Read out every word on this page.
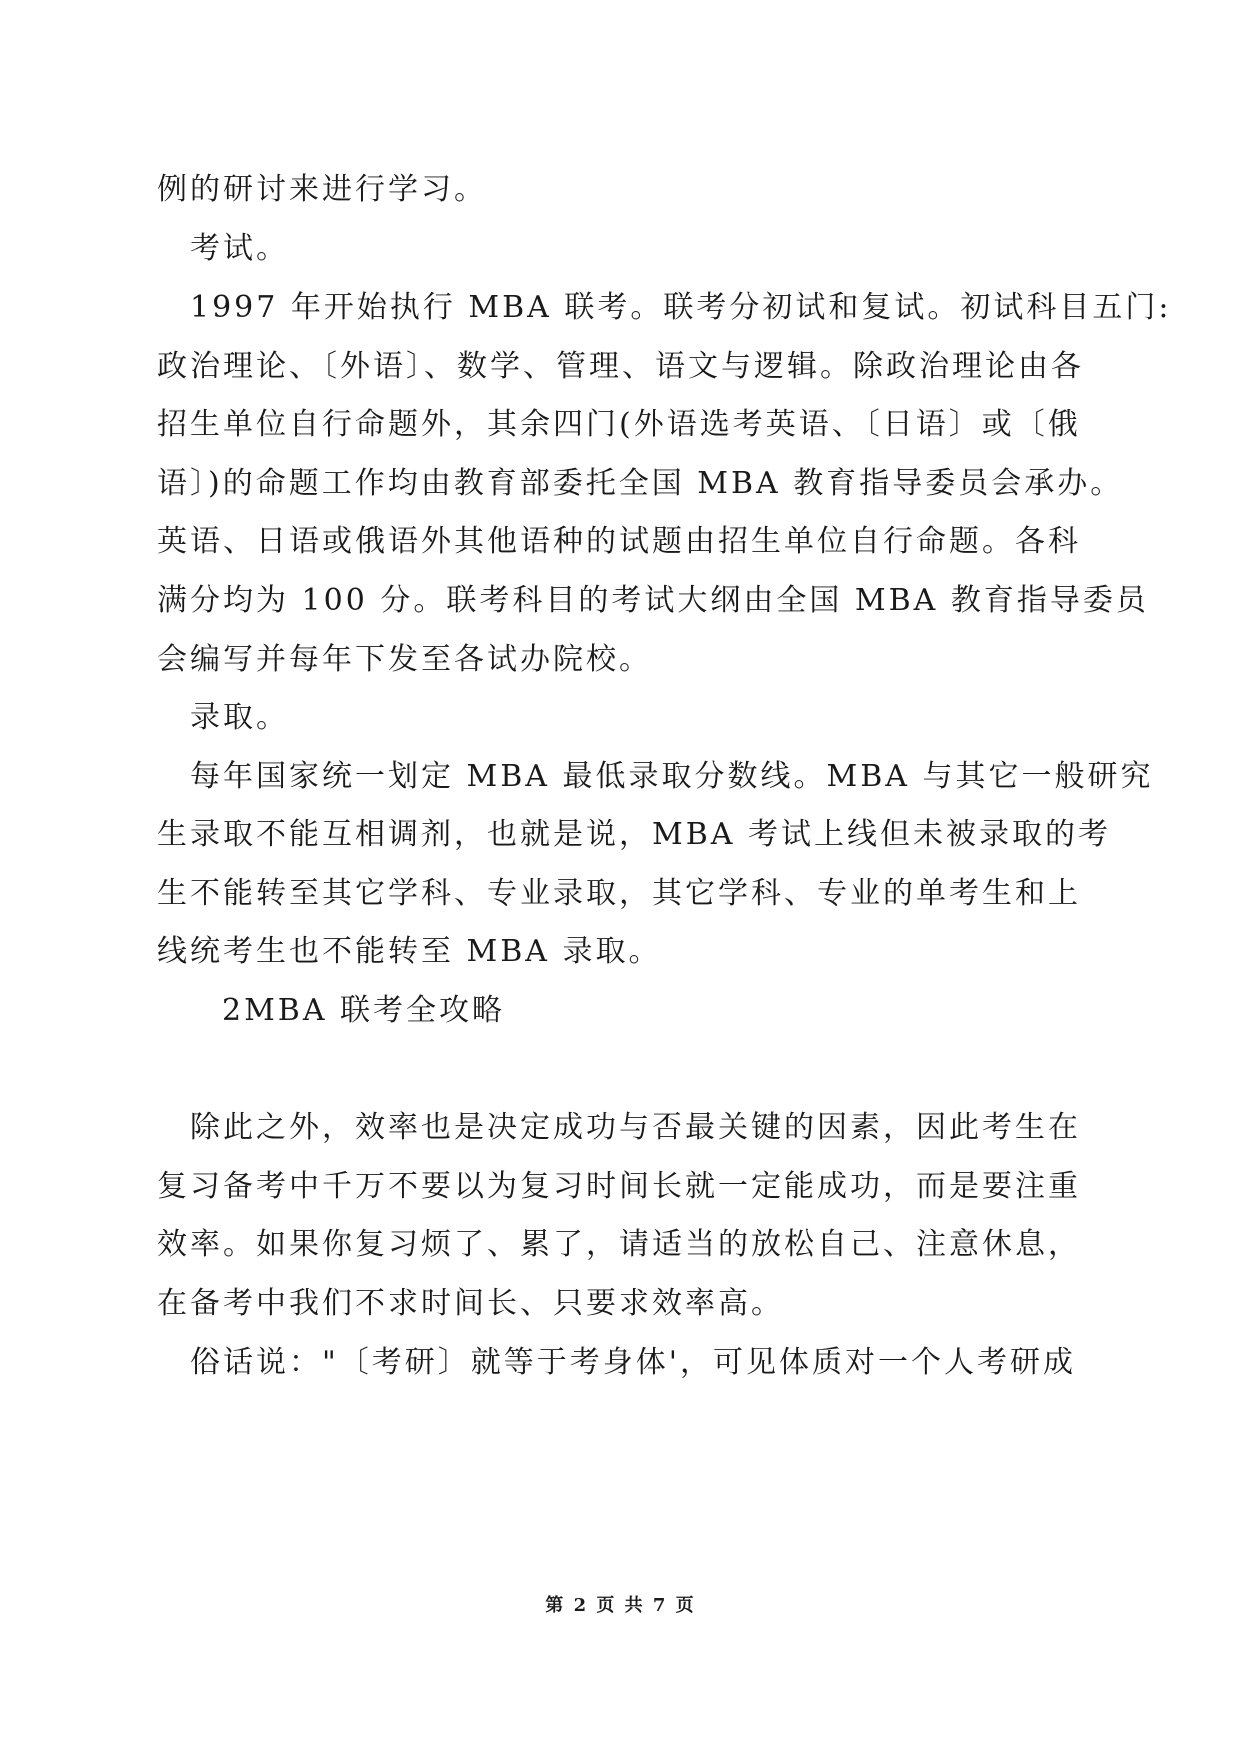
例的研讨来进行学习。
考试。
1997 年开始执行 MBA 联考。联考分初试和复试。初试科目五门:
政治理论、〔外语〕、数学、管理、语文与逻辑。除政治理论由各
招生单位自行命题外，其余四门(外语选考英语、〔日语〕或〔俄
语〕)的命题工作均由教育部委托全国 MBA 教育指导委员会承办。
英语、日语或俄语外其他语种的试题由招生单位自行命题。各科
满分均为 100 分。联考科目的考试大纲由全国 MBA 教育指导委员
会编写并每年下发至各试办院校。
录取。
每年国家统一划定 MBA 最低录取分数线。MBA 与其它一般研究
生录取不能互相调剂，也就是说，MBA 考试上线但未被录取的考
生不能转至其它学科、专业录取，其它学科、专业的单考生和上
线统考生也不能转至 MBA 录取。
2MBA 联考全攻略
除此之外，效率也是决定成功与否最关键的因素，因此考生在
复习备考中千万不要以为复习时间长就一定能成功，而是要注重
效率。如果你复习烦了、累了，请适当的放松自己、注意休息，
在备考中我们不求时间长、只要求效率高。
俗话说："〔考研〕就等于考身体'，可见体质对一个人考研成
第 2 页 共 7 页
